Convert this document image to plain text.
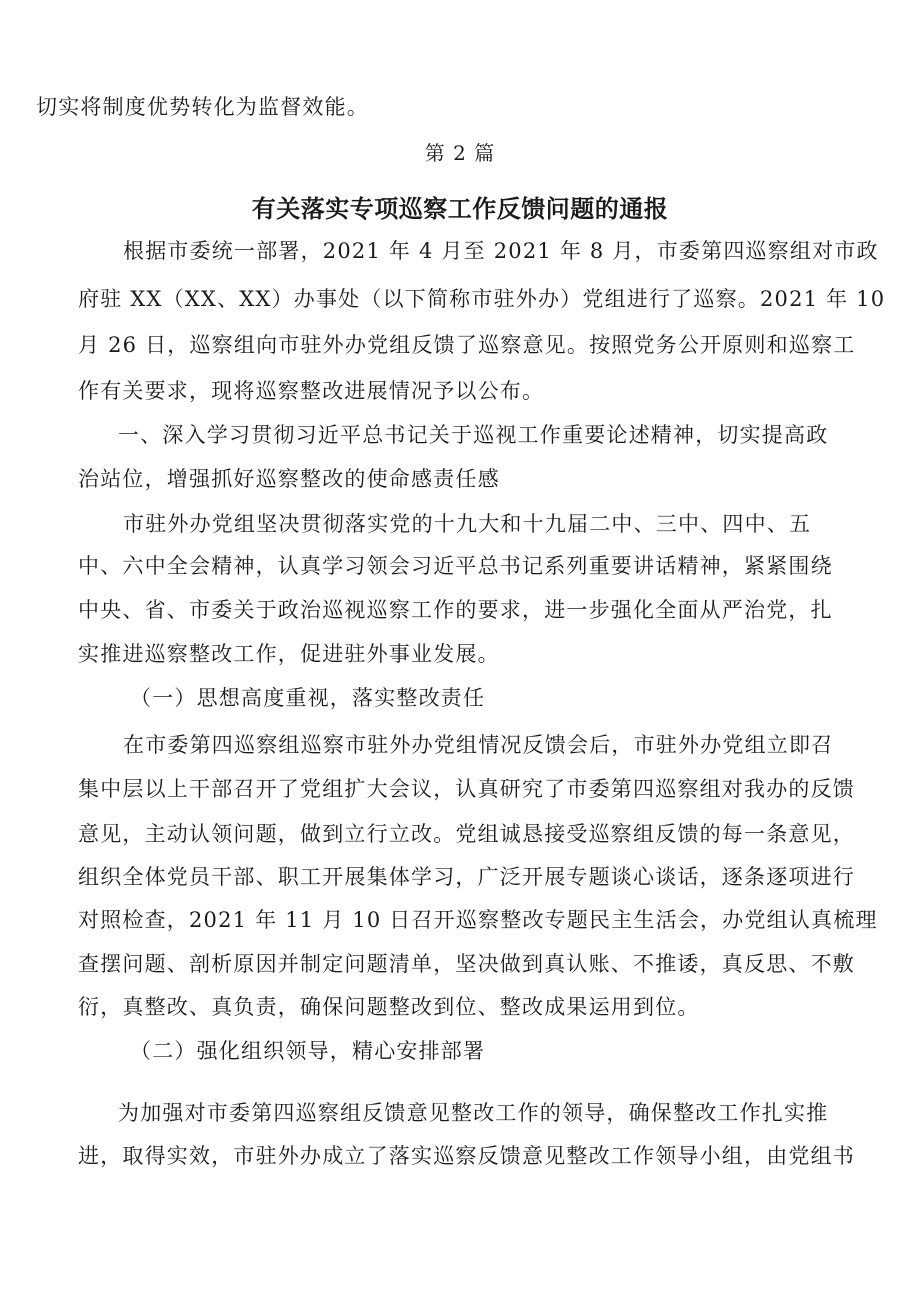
切实将制度优势转化为监督效能。
第 2 篇
有关落实专项巡察工作反馈问题的通报
根据市委统一部署，2021 年 4 月至 2021 年 8 月，市委第四巡察组对市政
府驻 XX（XX、XX）办事处（以下简称市驻外办）党组进行了巡察。2021 年 10
月 26 日，巡察组向市驻外办党组反馈了巡察意见。按照党务公开原则和巡察工
作有关要求，现将巡察整改进展情况予以公布。
一、深入学习贯彻习近平总书记关于巡视工作重要论述精神，切实提高政
治站位，增强抓好巡察整改的使命感责任感
市驻外办党组坚决贯彻落实党的十九大和十九届二中、三中、四中、五
中、六中全会精神，认真学习领会习近平总书记系列重要讲话精神，紧紧围绕
中央、省、市委关于政治巡视巡察工作的要求，进一步强化全面从严治党，扎
实推进巡察整改工作，促进驻外事业发展。
（一）思想高度重视，落实整改责任
在市委第四巡察组巡察市驻外办党组情况反馈会后，市驻外办党组立即召
集中层以上干部召开了党组扩大会议，认真研究了市委第四巡察组对我办的反馈
意见，主动认领问题，做到立行立改。党组诚恳接受巡察组反馈的每一条意见，
组织全体党员干部、职工开展集体学习，广泛开展专题谈心谈话，逐条逐项进行
对照检查，2021 年 11 月 10 日召开巡察整改专题民主生活会，办党组认真梳理
查摆问题、剖析原因并制定问题清单，坚决做到真认账、不推诿，真反思、不敷
衍，真整改、真负责，确保问题整改到位、整改成果运用到位。
（二）强化组织领导，精心安排部署
为加强对市委第四巡察组反馈意见整改工作的领导，确保整改工作扎实推
进，取得实效，市驻外办成立了落实巡察反馈意见整改工作领导小组，由党组书
